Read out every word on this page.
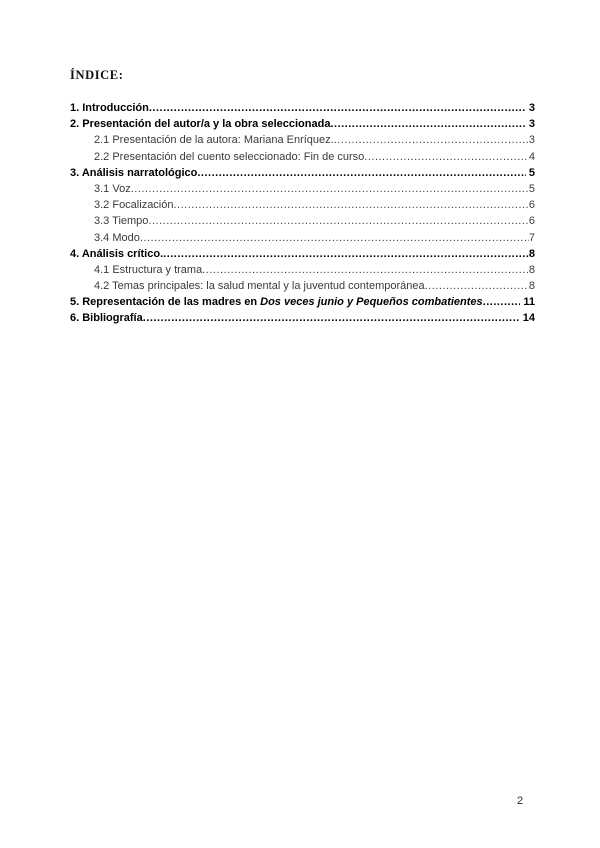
ÍNDICE:
1. Introducción .....	3
2. Presentación del autor/a y la obra seleccionada .....	3
2.1 Presentación de la autora: Mariana Enríquez. .....	3
2.2 Presentación del cuento seleccionado: Fin de curso .....	4
3. Análisis narratológico .....	5
3.1 Voz .....	5
3.2 Focalización .....	6
3.3 Tiempo .....	6
3.4 Modo .....	7
4. Análisis crítico. .....	8
4.1 Estructura y trama .....	8
4.2 Temas principales: la salud mental y la juventud contemporánea .....	8
5. Representación de las madres en Dos veces junio y Pequeños combatientes .....	11
6. Bibliografía .....	14
2
